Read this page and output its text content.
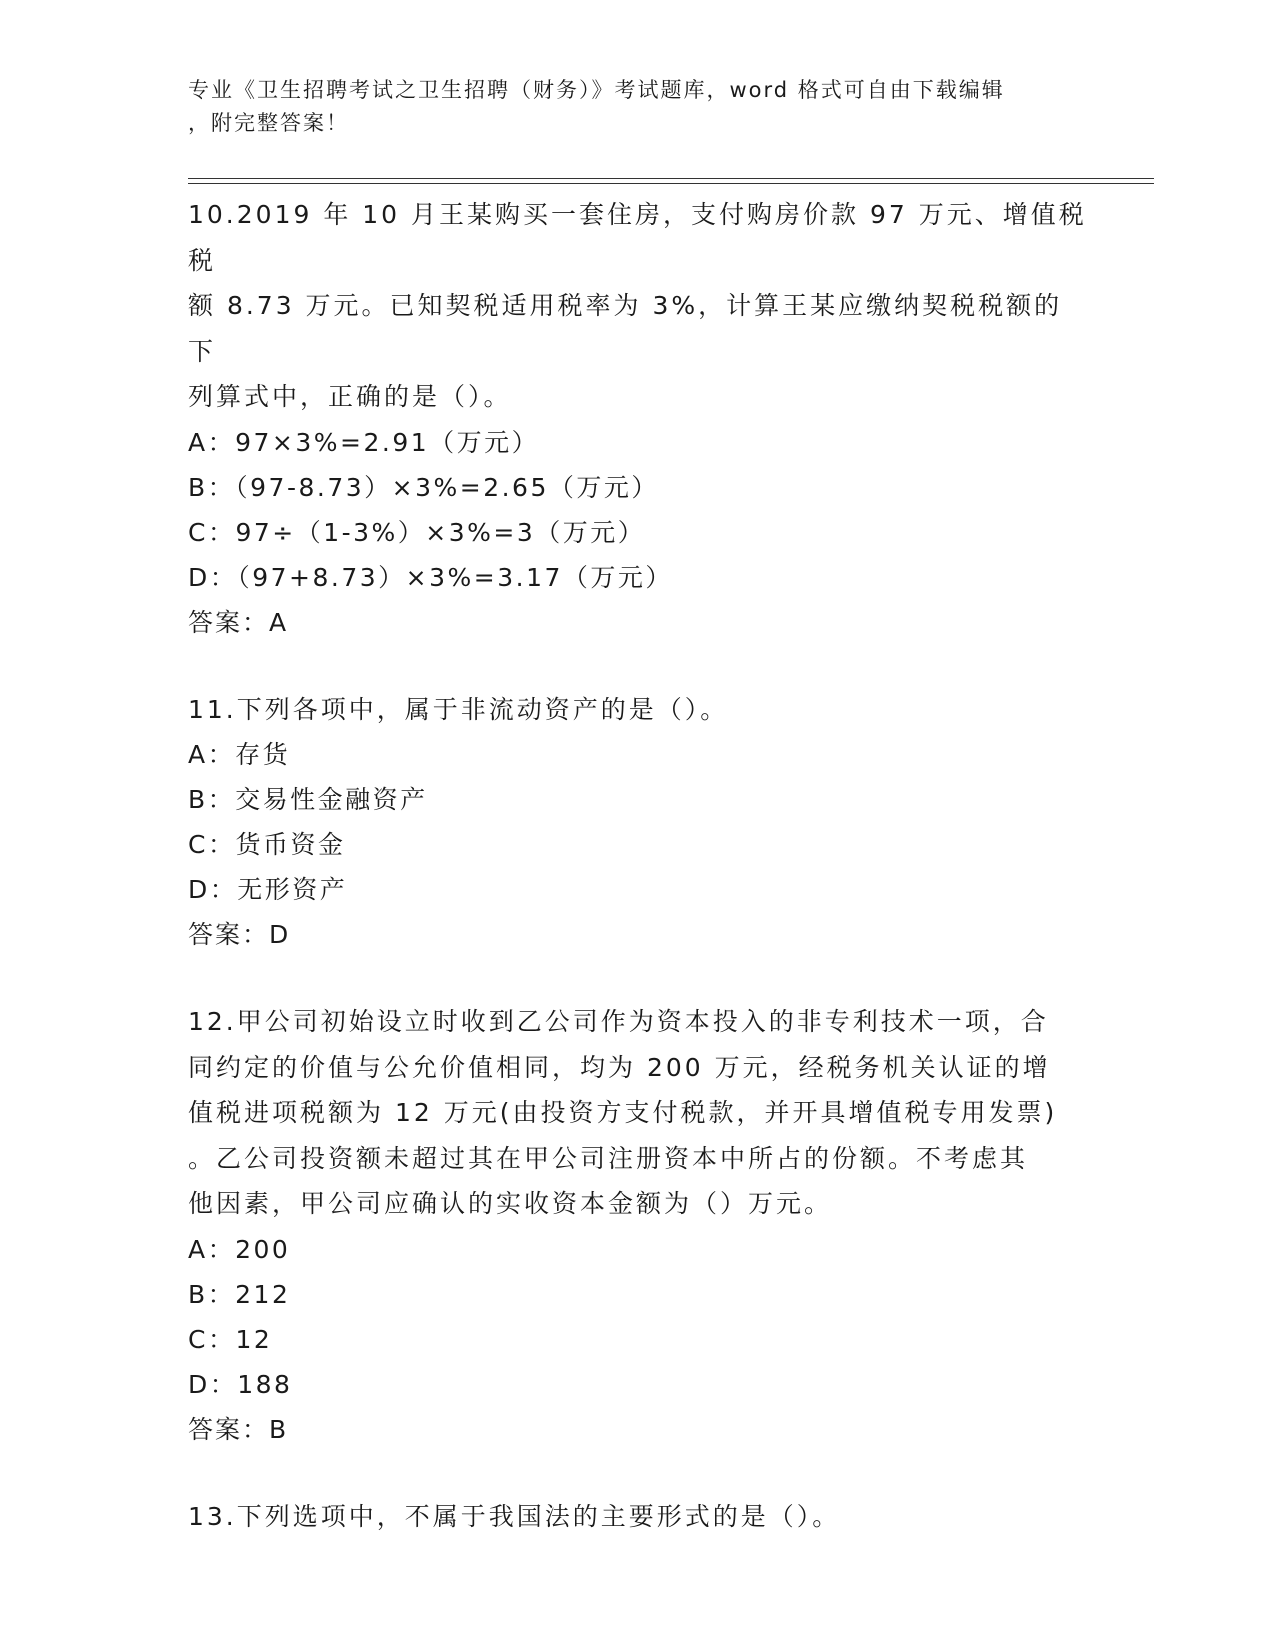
专业《卫生招聘考试之卫生招聘（财务）》考试题库，word 格式可自由下载编辑
，附完整答案！

10.2019 年 10 月王某购买一套住房，支付购房价款 97 万元、增值税税
额 8.73 万元。已知契税适用税率为 3%，计算王某应缴纳契税税额的下
列算式中，正确的是（）。

A：97×3%=2.91（万元）

B：（97-8.73）×3%=2.65（万元）

C：97÷（1-3%）×3%=3（万元）

D：（97+8.73）×3%=3.17（万元）

答案：A

11.下列各项中，属于非流动资产的是（）。

A：存货

B：交易性金融资产

C：货币资金

D：无形资产

答案：D

12.甲公司初始设立时收到乙公司作为资本投入的非专利技术一项，合
同约定的价值与公允价值相同，均为 200 万元，经税务机关认证的增
值税进项税额为 12 万元(由投资方支付税款，并开具增值税专用发票)
。乙公司投资额未超过其在甲公司注册资本中所占的份额。不考虑其
他因素，甲公司应确认的实收资本金额为（）万元。

A：200

B：212

C：12

D：188

答案：B

13.下列选项中，不属于我国法的主要形式的是（）。
